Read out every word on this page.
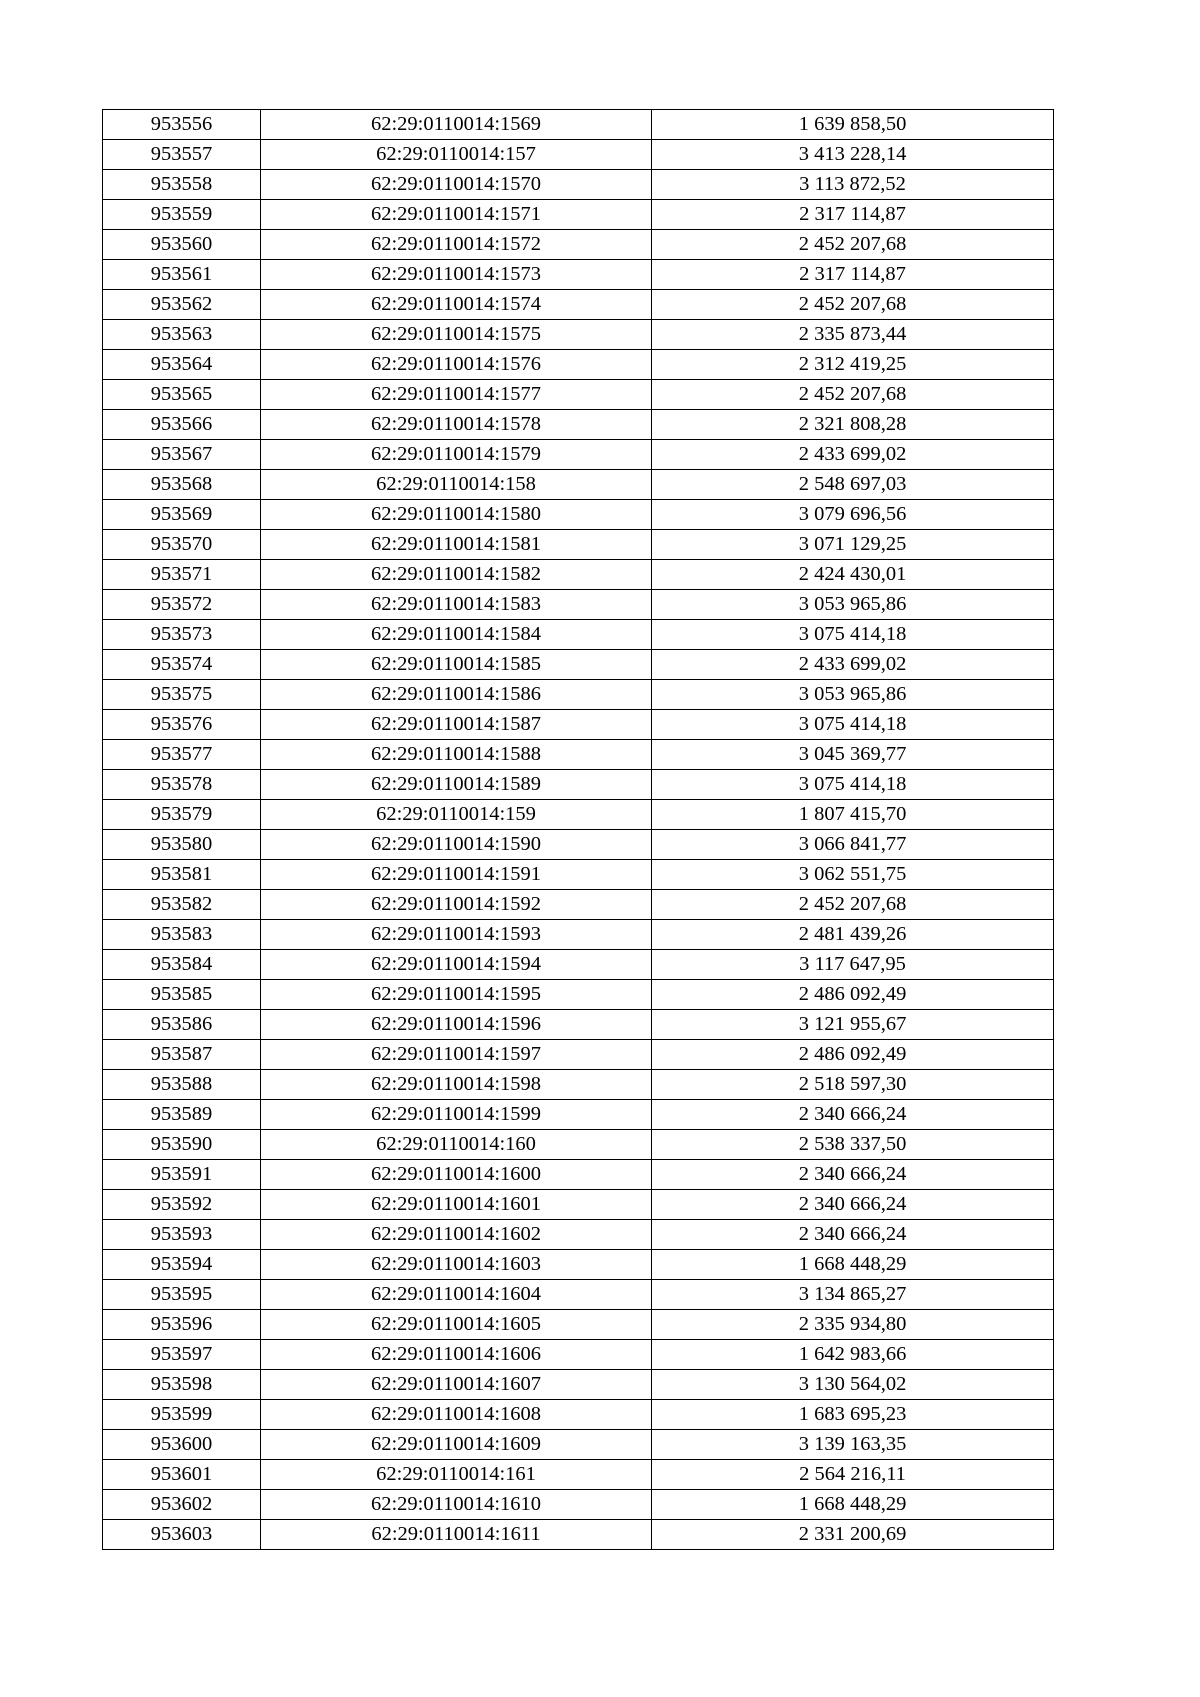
953556	62:29:0110014:1569	1 639 858,50
953557	62:29:0110014:157	3 413 228,14
953558	62:29:0110014:1570	3 113 872,52
953559	62:29:0110014:1571	2 317 114,87
953560	62:29:0110014:1572	2 452 207,68
953561	62:29:0110014:1573	2 317 114,87
953562	62:29:0110014:1574	2 452 207,68
953563	62:29:0110014:1575	2 335 873,44
953564	62:29:0110014:1576	2 312 419,25
953565	62:29:0110014:1577	2 452 207,68
953566	62:29:0110014:1578	2 321 808,28
953567	62:29:0110014:1579	2 433 699,02
953568	62:29:0110014:158	2 548 697,03
953569	62:29:0110014:1580	3 079 696,56
953570	62:29:0110014:1581	3 071 129,25
953571	62:29:0110014:1582	2 424 430,01
953572	62:29:0110014:1583	3 053 965,86
953573	62:29:0110014:1584	3 075 414,18
953574	62:29:0110014:1585	2 433 699,02
953575	62:29:0110014:1586	3 053 965,86
953576	62:29:0110014:1587	3 075 414,18
953577	62:29:0110014:1588	3 045 369,77
953578	62:29:0110014:1589	3 075 414,18
953579	62:29:0110014:159	1 807 415,70
953580	62:29:0110014:1590	3 066 841,77
953581	62:29:0110014:1591	3 062 551,75
953582	62:29:0110014:1592	2 452 207,68
953583	62:29:0110014:1593	2 481 439,26
953584	62:29:0110014:1594	3 117 647,95
953585	62:29:0110014:1595	2 486 092,49
953586	62:29:0110014:1596	3 121 955,67
953587	62:29:0110014:1597	2 486 092,49
953588	62:29:0110014:1598	2 518 597,30
953589	62:29:0110014:1599	2 340 666,24
953590	62:29:0110014:160	2 538 337,50
953591	62:29:0110014:1600	2 340 666,24
953592	62:29:0110014:1601	2 340 666,24
953593	62:29:0110014:1602	2 340 666,24
953594	62:29:0110014:1603	1 668 448,29
953595	62:29:0110014:1604	3 134 865,27
953596	62:29:0110014:1605	2 335 934,80
953597	62:29:0110014:1606	1 642 983,66
953598	62:29:0110014:1607	3 130 564,02
953599	62:29:0110014:1608	1 683 695,23
953600	62:29:0110014:1609	3 139 163,35
953601	62:29:0110014:161	2 564 216,11
953602	62:29:0110014:1610	1 668 448,29
953603	62:29:0110014:1611	2 331 200,69
